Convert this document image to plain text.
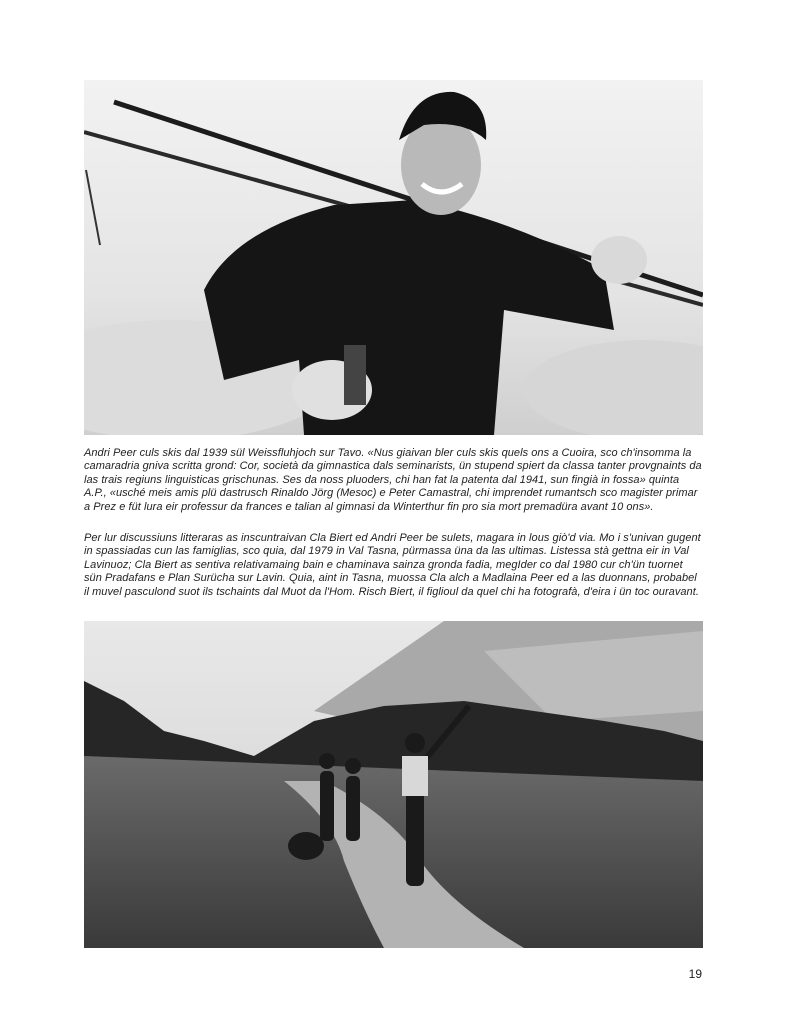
Andri Peer culs skis dal 1939 sül Weissfluhjoch sur Tavo. «Nus giaivan bler culs skis quels ons a Cuoira, sco ch'insomma la camaradria gniva scritta grond: Cor, società da gimnastica dals seminarists, ün stupend spiert da classa tanter provgnaints da las trais regiuns linguisticas grischunas. Ses da noss pluoders, chi han fat la patenta dal 1941, sun fingià in fossa» quinta A.P., «usché meis amis plü dastrusch Rinaldo Jörg (Mesoc) e Peter Camastral, chi imprendet rumantsch sco magister primar a Prez e füt lura eir professur da frances e talian al gimnasi da Winterthur fin pro sia mort premadüra avant 10 ons».

Per lur discussiuns litteraras as inscuntraivan Cla Biert ed Andri Peer be sulets, magara in lous giò'd via. Mo i s'univan gugent in spassiadas cun las famiglias, sco quia, dal 1979 in Val Tasna, pürmassa üna da las ultimas. Listessa stà gettna eir in Val Lavinuoz; Cla Biert as sentiva relativamaing bain e chaminava sainza gronda fadia, megIder co dal 1980 cur ch'ün tuornet sün Pradafans e Plan Surücha sur Lavin. Quia, aint in Tasna, muossa Cla alch a Madlaina Peer ed a las duonnans, probabel il muvel pasculond suot ils tschaints dal Muot da l'Hom. Risch Biert, il figlioul da quel chi ha fotografà, d'eira i ün toc ouravant.

19
